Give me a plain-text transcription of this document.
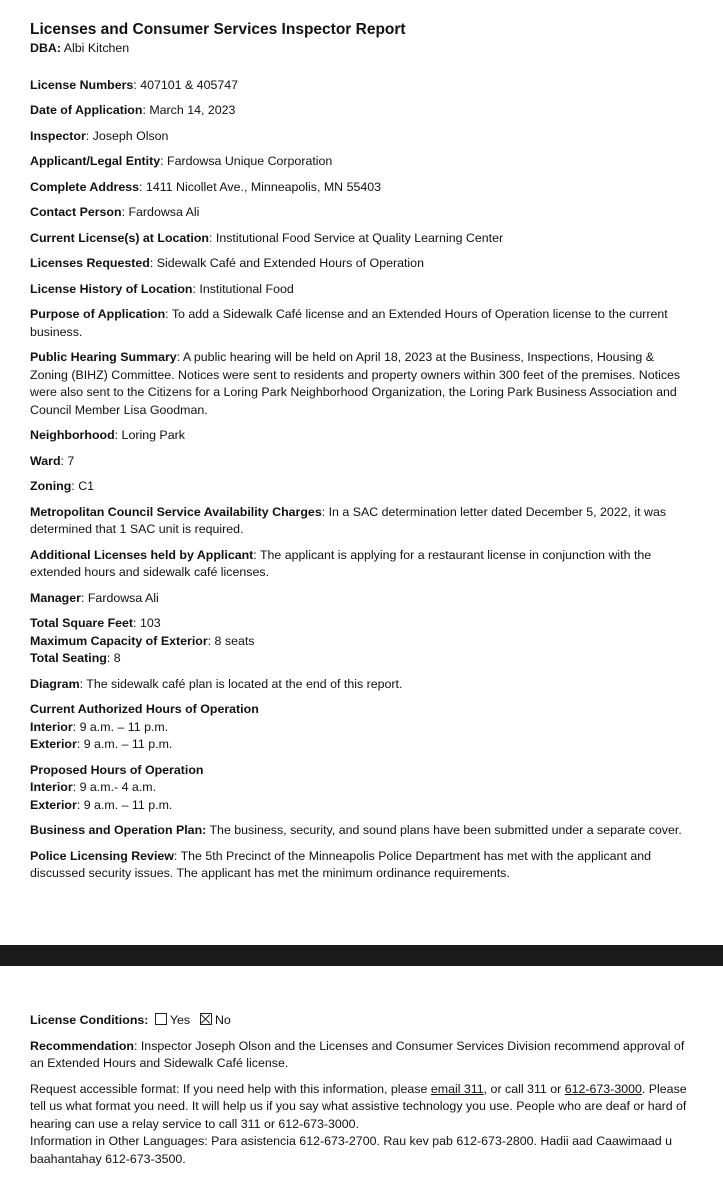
Licenses and Consumer Services Inspector Report
DBA: Albi Kitchen

License Numbers: 407101 & 405747

Date of Application: March 14, 2023

Inspector: Joseph Olson

Applicant/Legal Entity: Fardowsa Unique Corporation

Complete Address: 1411 Nicollet Ave., Minneapolis, MN 55403

Contact Person: Fardowsa Ali

Current License(s) at Location: Institutional Food Service at Quality Learning Center

Licenses Requested: Sidewalk Café and Extended Hours of Operation

License History of Location: Institutional Food

Purpose of Application: To add a Sidewalk Café license and an Extended Hours of Operation license to the current business.

Public Hearing Summary: A public hearing will be held on April 18, 2023 at the Business, Inspections, Housing & Zoning (BIHZ) Committee. Notices were sent to residents and property owners within 300 feet of the premises. Notices were also sent to the Citizens for a Loring Park Neighborhood Organization, the Loring Park Business Association and Council Member Lisa Goodman.

Neighborhood: Loring Park

Ward: 7

Zoning: C1

Metropolitan Council Service Availability Charges: In a SAC determination letter dated December 5, 2022, it was determined that 1 SAC unit is required.

Additional Licenses held by Applicant: The applicant is applying for a restaurant license in conjunction with the extended hours and sidewalk café licenses.

Manager: Fardowsa Ali

Total Square Feet: 103

Maximum Capacity of Exterior: 8 seats

Total Seating: 8

Diagram: The sidewalk café plan is located at the end of this report.

Current Authorized Hours of Operation

Interior: 9 a.m. – 11 p.m.

Exterior: 9 a.m. – 11 p.m.

Proposed Hours of Operation

Interior: 9 a.m.- 4 a.m.

Exterior: 9 a.m. – 11 p.m.

Business and Operation Plan: The business, security, and sound plans have been submitted under a separate cover.

Police Licensing Review: The 5th Precinct of the Minneapolis Police Department has met with the applicant and discussed security issues. The applicant has met the minimum ordinance requirements.

License Conditions: Yes No

Recommendation: Inspector Joseph Olson and the Licenses and Consumer Services Division recommend approval of an Extended Hours and Sidewalk Café license.

Request accessible format: If you need help with this information, please email 311, or call 311 or 612-673-3000. Please tell us what format you need. It will help us if you say what assistive technology you use. People who are deaf or hard of hearing can use a relay service to call 311 or 612-673-3000.

Information in Other Languages: Para asistencia 612-673-2700. Rau kev pab 612-673-2800. Hadii aad Caawimaad u baahantahay 612-673-3500.
